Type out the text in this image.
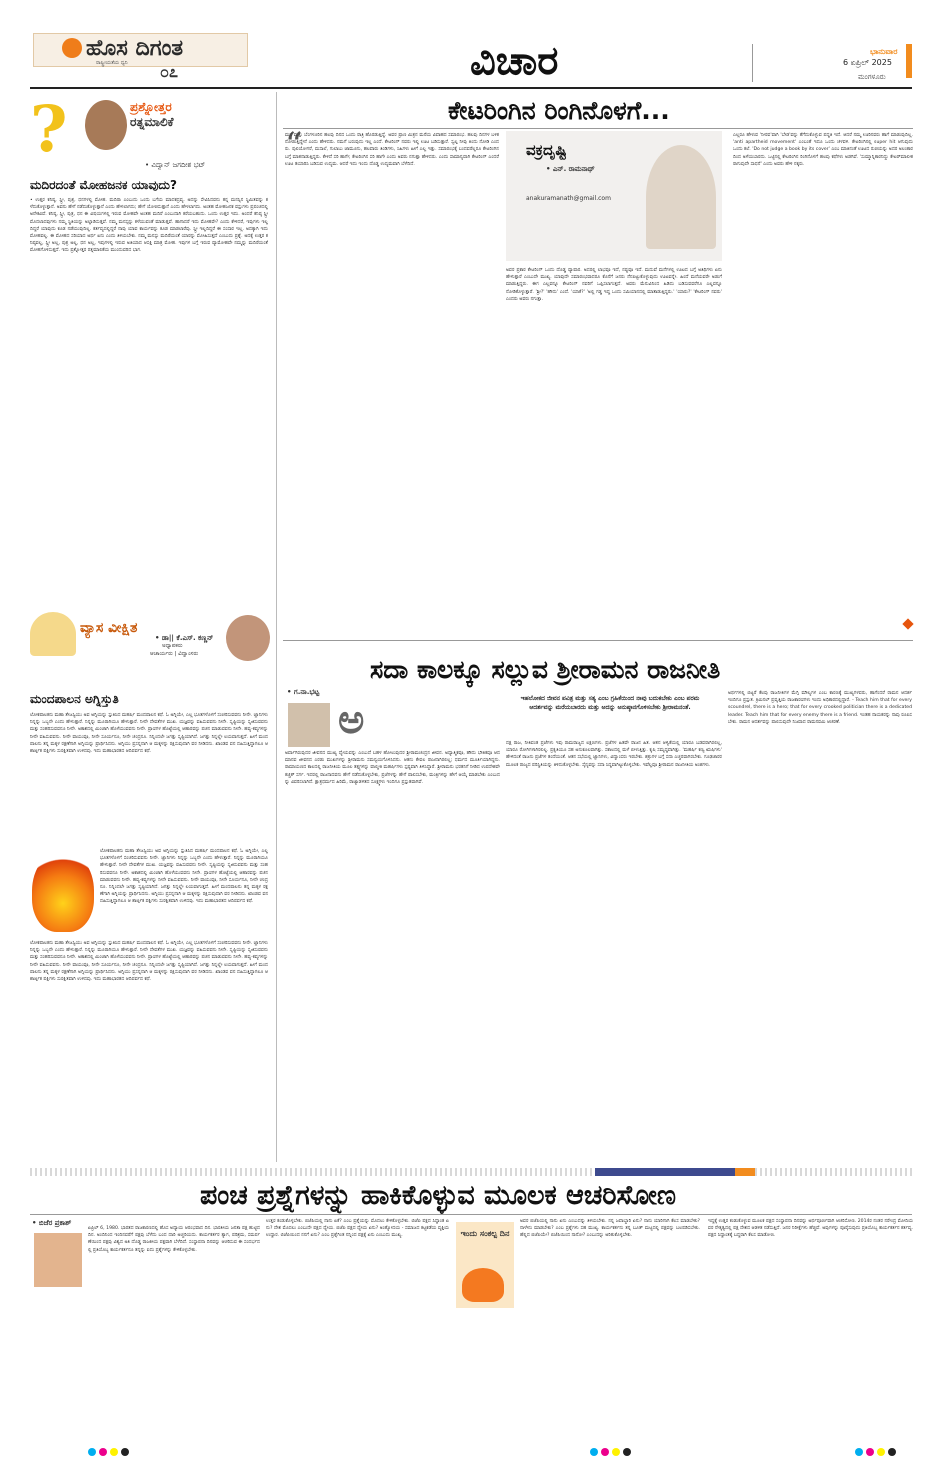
ಹೊಸ ದಿಗಂತ
ರಾಷ್ಟ್ರೀಯತೆಯ ಧ್ವನಿ ೦೭	ವಿಚಾರ	ಭಾನುವಾರ
6 ಏಪ್ರಿಲ್ 2025
ಮಂಗಳೂರು
?	ಪ್ರಶ್ನೋತ್ತರ
ರತ್ನಮಾಲಿಕೆ
• ವಿದ್ವಾನ್ ಜಗದೀಶ ಭಟ್
ಮದಿರದಂತೆ ಮೋಹಜನಕ ಯಾವುದು?
• ಉತ್ತರ ಕನಿಷ್ಠ, ಸ್ತ್ರೀ, ಪುತ್ರ, ಧನಗಳಲ್ಲಿ ಮೋಹ. ಮದಿರಾ ಎಂಬುದು ಒಂದು ಬಗೆಯ ಮಾದಕದ್ರವ್ಯ. ಅದನ್ನು ಸೇವಿಸಿದವನು ತನ್ನ ಮನಸ್ಸಿನ ಸ್ಥಿಮಿತವನ್ನು ಕಳೆದುಕೊಳ್ಳುತ್ತಾನೆ. ಅವನು ಹೇಗೆ ನಡೆದುಕೊಳ್ಳುತ್ತಾನೆ ಎಂದು ಹೇಳಲಾಗದು; ಹೇಗೆ ಯೋಚಿಸುತ್ತಾನೆ ಎಂದು ಹೇಳಲಾಗದು. ಅಂತಹ ಮೋಹಜನಕ ವಸ್ತುಗಳು ಪ್ರಪಂಚದಲ್ಲಿ ಅನೇಕವಿವೆ. ಕನಿಷ್ಠ, ಸ್ತ್ರೀ, ಪುತ್ರ, ಧನ ಈ ವಿಷಯಗಳಲ್ಲಿ ಇರುವ ಮೋಹವೇ ಅಂತಹ ಮದಿರೆ ಎಂಬುದಾಗಿ ಕರೆಯಬಹುದು. ಒಂದು ಉತ್ತರ ಇದು. ಅಂದರೆ ಕನಿಷ್ಠ ಸ್ತ್ರೀ ಮೊದಲಾದವುಗಳು ನಮ್ಮ ಸ್ಥಿತಿಯನ್ನು ಅಲ್ಲಾಡಿಸುತ್ತವೆ. ನಮ್ಮ ಮನಸ್ಸನ್ನು ಕಳೆಯುವಂತೆ ಮಾಡುತ್ತವೆ. ಹಾಗಾದರೆ ಇದು ಮೋಹವೇ? ಎಂದು ಕೇಳಿದರೆ, ಇವುಗಳು ಇಲ್ಲದಿದ್ದರೆ ಯಾವುದು ಕೂಡ ನಡೆಯುವುದಿಲ್ಲ. ಕರ್ತವ್ಯದಲ್ಲಿದ್ದರೆ ನಾವು ಯಾವ ಕಾರ್ಯವನ್ನು ಕೂಡ ಮಾಡಲಾರೆವು. ಸ್ತ್ರೀ ಇಲ್ಲದಿದ್ದರೆ ಈ ಸಂಸಾರ ಇಲ್ಲ. ಅದಕ್ಕಾಗಿ ಇದು ಮೋಹವಲ್ಲ. ಈ ಮೋಹದ ಸರಿಯಾದ ಅರ್ಥ ಏನು ಎಂದು ತಿಳಿಯಬೇಕು. ನಮ್ಮ ಮನಸ್ಸು ಮದಿರೆಯಂತೆ ಯಾರನ್ನು ಮೋಹಿಸುತ್ತದೆ ಎಂಬುದು ಪ್ರಶ್ನೆ. ಅದಕ್ಕೆ ಉತ್ತರ ಕನಿಷ್ಠವಲ್ಲ, ಸ್ತ್ರೀ ಅಲ್ಲ, ಪುತ್ರ ಅಲ್ಲ, ಧನ ಅಲ್ಲ, ಇವುಗಳಲ್ಲಿ ಇರುವ ಅತಿಯಾದ ಆಸಕ್ತಿ ಮಾತ್ರ ಮೋಹ. ಇವುಗಳ ಬಗ್ಗೆ ಇರುವ ವ್ಯಾಮೋಹವೇ ನಮ್ಮನ್ನು ಮದಿರೆಯಂತೆ ಮೋಹಗೊಳಿಸುತ್ತದೆ. ಇದು ಪ್ರಶ್ನೋತ್ತರ ರತ್ನಮಾಲಿಕೆಯ ಮುಂದುವರಿದ ಭಾಗ.
ವ್ಯಾಸ ವೀಕ್ಷಿತ
• ಡಾ|| ಕೆ.ಎಸ್. ಕಣ್ಣನ್
ಅಧ್ಯಾಪಕರು
ಆಚಾರ್ಯರು | ವಿದ್ವಾಂಸರು
ಮಂದಪಾಲನ ಅಗ್ನಿಸ್ತುತಿ
ಲೋಕಪಾಲಕನು ಮಹಾ ತೇಜಸ್ವಿಯು ಅವ ಅಗ್ನಿಯನ್ನು ಸ್ತುತಿಸಿದ ಮಹರ್ಷಿ ಮಂದಪಾಲನ ಕಥೆ. ಓ ಅಗ್ನಿಯೇ, ಎಲ್ಲ ಭೂತಗಳೊಳಗೆ ಸಂಚರಿಸುವವನು ನೀನೇ. ಜ್ಞಾನಿಗಳು ನಿನ್ನನ್ನು ಒಬ್ಬನೇ ಎಂದು ಹೇಳುತ್ತಾರೆ. ನಿನ್ನನ್ನು ಮೂರಾಗಿಯೂ ಹೇಳುತ್ತಾರೆ. ನೀನೇ ದೇವತೆಗಳ ಮುಖ. ಯಜ್ಞವನ್ನು ವಹಿಸುವವನು ನೀನೇ. ಸೃಷ್ಟಿಯನ್ನು ಸೃಜಿಸುವವನು ಮತ್ತು ಸಂಹರಿಸುವವನೂ ನೀನೇ. ಅಕಾಶದಲ್ಲಿ ಮಿಂಚಾಗಿ ಹೊಳೆಯುವವನು ನೀನೇ. ಪ್ರಾಣಿಗಳ ಹೊಟ್ಟೆಯಲ್ಲಿ ಆಹಾರವನ್ನು ಪಚನ ಮಾಡುವವನು ನೀನೇ. ಹವ್ಯ-ಕವ್ಯಗಳನ್ನು ನೀನೇ ವಹಿಸುವವನು. ನೀನೇ ವಾಯುವೂ, ನೀನೇ ಸೂರ್ಯನೂ, ನೀನೇ ಚಂದ್ರನೂ. ನಿನ್ನಿಂದಲೇ ಜಗತ್ತು ಸೃಷ್ಟಿಯಾಗಿದೆ. ಜಗತ್ತು ನಿನ್ನಲ್ಲೇ ಲಯವಾಗುತ್ತದೆ. ಹೀಗೆ ಮಂದಪಾಲನು ತನ್ನ ಮಕ್ಕಳ ರಕ್ಷಣೆಗಾಗಿ ಅಗ್ನಿಯನ್ನು ಪ್ರಾರ್ಥಿಸಿದನು. ಅಗ್ನಿಯು ಪ್ರಸನ್ನನಾಗಿ ಆ ಮಕ್ಕಳನ್ನು ರಕ್ಷಿಸುವುದಾಗಿ ವರ ನೀಡಿದನು. ಖಾಂಡವ ವನ ದಹಿಸುತ್ತಿದ್ದಾಗಲೂ ಆ ಶಾರ್ಙ್ಗಕ ಪಕ್ಷಿಗಳು ಸುರಕ್ಷಿತವಾಗಿ ಉಳಿದವು. ಇದು ಮಹಾಭಾರತದ ಆದಿಪರ್ವದ ಕಥೆ.
ಲೋಕಪಾಲಕನು ಮಹಾ ತೇಜಸ್ವಿಯು ಅವ ಅಗ್ನಿಯನ್ನು ಸ್ತುತಿಸಿದ ಮಹರ್ಷಿ ಮಂದಪಾಲನ ಕಥೆ. ಓ ಅಗ್ನಿಯೇ, ಎಲ್ಲ ಭೂತಗಳೊಳಗೆ ಸಂಚರಿಸುವವನು ನೀನೇ. ಜ್ಞಾನಿಗಳು ನಿನ್ನನ್ನು ಒಬ್ಬನೇ ಎಂದು ಹೇಳುತ್ತಾರೆ. ನಿನ್ನನ್ನು ಮೂರಾಗಿಯೂ ಹೇಳುತ್ತಾರೆ. ನೀನೇ ದೇವತೆಗಳ ಮುಖ. ಯಜ್ಞವನ್ನು ವಹಿಸುವವನು ನೀನೇ. ಸೃಷ್ಟಿಯನ್ನು ಸೃಜಿಸುವವನು ಮತ್ತು ಸಂಹರಿಸುವವನೂ ನೀನೇ. ಅಕಾಶದಲ್ಲಿ ಮಿಂಚಾಗಿ ಹೊಳೆಯುವವನು ನೀನೇ. ಪ್ರಾಣಿಗಳ ಹೊಟ್ಟೆಯಲ್ಲಿ ಆಹಾರವನ್ನು ಪಚನ ಮಾಡುವವನು ನೀನೇ. ಹವ್ಯ-ಕವ್ಯಗಳನ್ನು ನೀನೇ ವಹಿಸುವವನು. ನೀನೇ ವಾಯುವೂ, ನೀನೇ ಸೂರ್ಯನೂ, ನೀನೇ ಚಂದ್ರನೂ. ನಿನ್ನಿಂದಲೇ ಜಗತ್ತು ಸೃಷ್ಟಿಯಾಗಿದೆ. ಜಗತ್ತು ನಿನ್ನಲ್ಲೇ ಲಯವಾಗುತ್ತದೆ. ಹೀಗೆ ಮಂದಪಾಲನು ತನ್ನ ಮಕ್ಕಳ ರಕ್ಷಣೆಗಾಗಿ ಅಗ್ನಿಯನ್ನು ಪ್ರಾರ್ಥಿಸಿದನು. ಅಗ್ನಿಯು ಪ್ರಸನ್ನನಾಗಿ ಆ ಮಕ್ಕಳನ್ನು ರಕ್ಷಿಸುವುದಾಗಿ ವರ ನೀಡಿದನು. ಖಾಂಡವ ವನ ದಹಿಸುತ್ತಿದ್ದಾಗಲೂ ಆ ಶಾರ್ಙ್ಗಕ ಪಕ್ಷಿಗಳು ಸುರಕ್ಷಿತವಾಗಿ ಉಳಿದವು. ಇದು ಮಹಾಭಾರತದ ಆದಿಪರ್ವದ ಕಥೆ.
ಲೋಕಪಾಲಕನು ಮಹಾ ತೇಜಸ್ವಿಯು ಅವ ಅಗ್ನಿಯನ್ನು ಸ್ತುತಿಸಿದ ಮಹರ್ಷಿ ಮಂದಪಾಲನ ಕಥೆ. ಓ ಅಗ್ನಿಯೇ, ಎಲ್ಲ ಭೂತಗಳೊಳಗೆ ಸಂಚರಿಸುವವನು ನೀನೇ. ಜ್ಞಾನಿಗಳು ನಿನ್ನನ್ನು ಒಬ್ಬನೇ ಎಂದು ಹೇಳುತ್ತಾರೆ. ನಿನ್ನನ್ನು ಮೂರಾಗಿಯೂ ಹೇಳುತ್ತಾರೆ. ನೀನೇ ದೇವತೆಗಳ ಮುಖ. ಯಜ್ಞವನ್ನು ವಹಿಸುವವನು ನೀನೇ. ಸೃಷ್ಟಿಯನ್ನು ಸೃಜಿಸುವವನು ಮತ್ತು ಸಂಹರಿಸುವವನೂ ನೀನೇ. ಅಕಾಶದಲ್ಲಿ ಮಿಂಚಾಗಿ ಹೊಳೆಯುವವನು ನೀನೇ. ಪ್ರಾಣಿಗಳ ಹೊಟ್ಟೆಯಲ್ಲಿ ಆಹಾರವನ್ನು ಪಚನ ಮಾಡುವವನು ನೀನೇ. ಹವ್ಯ-ಕವ್ಯಗಳನ್ನು ನೀನೇ ವಹಿಸುವವನು. ನೀನೇ ವಾಯುವೂ, ನೀನೇ ಸೂರ್ಯನೂ, ನೀನೇ ಚಂದ್ರನೂ. ನಿನ್ನಿಂದಲೇ ಜಗತ್ತು ಸೃಷ್ಟಿಯಾಗಿದೆ. ಜಗತ್ತು ನಿನ್ನಲ್ಲೇ ಲಯವಾಗುತ್ತದೆ. ಹೀಗೆ ಮಂದಪಾಲನು ತನ್ನ ಮಕ್ಕಳ ರಕ್ಷಣೆಗಾಗಿ ಅಗ್ನಿಯನ್ನು ಪ್ರಾರ್ಥಿಸಿದನು. ಅಗ್ನಿಯು ಪ್ರಸನ್ನನಾಗಿ ಆ ಮಕ್ಕಳನ್ನು ರಕ್ಷಿಸುವುದಾಗಿ ವರ ನೀಡಿದನು. ಖಾಂಡವ ವನ ದಹಿಸುತ್ತಿದ್ದಾಗಲೂ ಆ ಶಾರ್ಙ್ಗಕ ಪಕ್ಷಿಗಳು ಸುರಕ್ಷಿತವಾಗಿ ಉಳಿದವು. ಇದು ಮಹಾಭಾರತದ ಆದಿಪರ್ವದ ಕಥೆ.
ಕೇಟರಿಂಗಿನ ರಿಂಗಿನೊಳಗೆ...
“
ಮನೆ ಮತ್ತು ಬೆಂಗಳೂರಿನ ಹಲವು ದಿನದ ಒಂದು ರಾತ್ರಿ ಹೊರಡುತ್ತಿದ್ದೆ. ಅವರ ಪ್ರಾಣ ಮಿತ್ರನ ಮನೆಯ ವಿವಾಹದ ಸಮಾರಂಭ. ಹಲವು ದಿನಗಳ ಬಳಿಕ ನೋಡುತ್ತಿದ್ದೇನೆ ಎಂದು ಹೇಳಿದರು. ನಮಗೆ ಬರುವುದು ಇಲ್ಲ ಎಂದೆ. ಕೇಟರಿಂಗ್ ನವರು ಇಲ್ಲಿ ಊಟ ಬಡಿಸುತ್ತಾರೆ. ಸ್ವಲ್ಪ ನೀವು ತಿಂದು ನೋಡಿ ಎಂದರು. ಪುಲಿಯೋಗರೆ, ಮಸಾಲೆ, ಗುಲಾಬು ಜಾಮೂನು, ಹಲವಾರು ತಿಂಡಿಗಳು, ಸಿಹಿಗಳು ಹೀಗೆ ಎಲ್ಲ ಇತ್ತು. ಸಮಾರಂಭಕ್ಕೆ ಬಂದವರೆಲ್ಲರೂ ಕೇಟರಿಂಗಿನ ಬಗ್ಗೆ ಮಾತನಾಡುತ್ತಿದ್ದರು. ಕೇಳಿದೆ ಸರಿ ಹಾಗೇ; ಕೇಟರಿಂಗಿನ ಸರಿ ಹಾಗೇ ಎಂದು ಅವರು ನಗುತ್ತಾ ಹೇಳಿದರು. ಎಂದು ಸಾಮಾನ್ಯವಾಗಿ ಕೇಟರಿಂಗ್ ಎಂದರೆ ಊಟ ತಯಾರಿಸಿ ಬಡಿಸುವ ಉದ್ಯಮ. ಆದರೆ ಇದು ಇಂದು ದೊಡ್ಡ ಉದ್ಯಮವಾಗಿ ಬೆಳೆದಿದೆ.
ವಕ್ರದೃಷ್ಟಿ
• ಎನ್. ರಾಮನಾಥ್
anakuramanath@gmail.com
ಅವರ ಪ್ರಕಾರ ಕೇಟರಿಂಗ್ ಒಂದು ದೊಡ್ಡ ವ್ಯಾಪಾರ. ಅದರಲ್ಲಿ ಲಾಭವೂ ಇದೆ, ನಷ್ಟವೂ ಇದೆ. ಮದುವೆ ಮನೆಗಳಲ್ಲಿ ಊಟದ ಬಗ್ಗೆ ಅತಿಥಿಗಳು ಏನು ಹೇಳುತ್ತಾರೆ ಎಂಬುದೇ ಮುಖ್ಯ. ಯಾವುದೇ ಸಮಾರಂಭವಾದರೂ ಕೊನೆಗೆ ಜನರು ನೆನಪಿಟ್ಟುಕೊಳ್ಳುವುದು ಊಟವನ್ನೇ. ಹಿಂದೆ ಮನೆಯವರೇ ಅಡುಗೆ ಮಾಡುತ್ತಿದ್ದರು. ಈಗ ಎಲ್ಲವನ್ನೂ ಕೇಟರಿಂಗ್ ನವರಿಗೆ ಒಪ್ಪಿಸಲಾಗುತ್ತದೆ. ಅವರು ಮೆನುವಿನಿಂದ ಹಿಡಿದು ಬಡಿಸುವವರೆಗೂ ಎಲ್ಲವನ್ನೂ ನೋಡಿಕೊಳ್ಳುತ್ತಾರೆ. 'ಶ್ರೀ?' 'ಹೌದು' ಎಂದೆ. 'ಯಾಕೆ?' 'ಅಲ್ಲಿ ಗಡ್ಡ ಇದ್ದ ಒಂದು ಸಮಿಯಾನದಲ್ಲಿ ಮಾತಾಡುತ್ತಿದ್ದರು.' 'ಯಾರು?' 'ಕೇಟರಿಂಗ್ ನವರು' ಎಂದರು ಅವರು ನಗುತ್ತಾ.
ಎಲ್ಲರೂ ಹೇಳುವ 'ನೀರವ'ವಾಗಿ 'ಬೇಡ'ವನ್ನು ತೆಗೆದುಕೊಳ್ಳುವ ಪದ್ಧತಿ ಇದೆ. ಆದರೆ ನಮ್ಮ ಊರಿನವರು ಹಾಗೆ ಮಾಡುವುದಿಲ್ಲ. 'anti apartheid movement' ಎಂಬಂತೆ ಇದೂ ಒಂದು ಚಳವಳಿ. ಕೇಟರಿಂಗಿನಲ್ಲಿ super hit ಆಗುವುದು ಒಂದು ಕಲೆ. 'Do not judge a book by its cover' ಎಂಬ ಮಾತಿನಂತೆ ಊಟದ ರುಚಿಯನ್ನು ಅದರ ಅಲಂಕಾರದಿಂದ ಅಳೆಯಬಾರದು. ಒಟ್ಟಿನಲ್ಲಿ ಕೇಟರಿಂಗಿನ ರಿಂಗಿನೊಳಗೆ ಹಲವು ಕಥೆಗಳು ಅಡಗಿವೆ. 'ಸುಮ್ಮಾನ್ನಿಕಾರನಿದ್ದು ಕೇಟರ್‌ಮಾಲೀಕರಾಗುವುದೇ ಸಾಧನೆ' ಎಂದು ಅವರು ಹೇಳಿ ನಕ್ಕರು.
ಸದಾ ಕಾಲಕ್ಕೂ ಸಲ್ಲುವ ಶ್ರೀರಾಮನ ರಾಜನೀತಿ
• ಗ.ನಾ.ಭಟ್ಟ
ಅ	ಇಹಲೋಕದ ಜೀವನ ಪವಿತ್ರ ಮತ್ತು ಸತ್ಯ ಎಂಬ ಗ್ರಹಿಕೆಯಿಂದ ನಾವು ಬದುಕಬೇಕು ಎಂಬ ಪರಮ ಆದರ್ಶವನ್ನು ಮರೆಯಬಾರದು ಮತ್ತು ಅದನ್ನು ಅನುಷ್ಠಾನಗೊಳಿಸಬೇಕು ಶ್ರೀರಾಮನಂತೆ.
ಅರ್ವಾಗಿರುವುದರ ಜೀವನದ ಮುಖ್ಯ ಧ್ಯೇಯವನ್ನು ಎಂಬುದೆ ಬಹಳ ಹೋಲುವುದರ ಶ್ರೀರಾಮಚಂದ್ರನ ಜೀವನ. ಅಧ್ಯಾತ್ಮಿಕವೂ, ಹೌದು ಭೌತಿಕವೂ ಆದ ಮಾನವ ಜೀವನದ ಎರಡು ಮುಖಗಳನ್ನು ಶ್ರೀರಾಮನು ಸಮನ್ವಯಗೊಳಿಸಿದನು. ಆತನು ಕೇವಲ ರಾಜನಾಗಿರಲಿಲ್ಲ; ಧರ್ಮದ ಮೂರ್ತಿಯಾಗಿದ್ದನು. ರಾಮಾಯಣದ ಕಾಲದಲ್ಲಿ ರಾಜನೀತಿಯ ಮೂಲ ತತ್ತ್ವಗಳನ್ನು ವಾಲ್ಮೀಕಿ ಮಹರ್ಷಿಗಳು ಸ್ಪಷ್ಟವಾಗಿ ತಿಳಿಸಿದ್ದಾರೆ. ಶ್ರೀರಾಮನು ಭರತನಿಗೆ ನೀಡಿದ ಉಪದೇಶವೇ ಕಚ್ಚಿತ್ ಸರ್ಗ. ಇದರಲ್ಲಿ ರಾಜನಾದವನು ಹೇಗೆ ನಡೆದುಕೊಳ್ಳಬೇಕು, ಪ್ರಜೆಗಳನ್ನು ಹೇಗೆ ಪಾಲಿಸಬೇಕು, ಮಂತ್ರಿಗಳನ್ನು ಹೇಗೆ ಆಯ್ಕೆ ಮಾಡಬೇಕು ಎಂಬುದನ್ನು ವಿವರಿಸಲಾಗಿದೆ. ಕ್ಷಾತ್ರಧರ್ಮದ ಹಿರಿಮೆ, ರಾಜ್ಯಾಡಳಿತದ ಸೂಕ್ಷ್ಮಗಳು ಇಂದಿಗೂ ಪ್ರಸ್ತುತವಾಗಿವೆ.
ದಕ್ಷ ರಾಜ, ನೀತಿವಂತ ಪ್ರಜೆಗಳು ಇವು ರಾಮರಾಜ್ಯದ ಲಕ್ಷಣಗಳು. ಪ್ರಜೆಗಳ ಹಿತವೇ ರಾಜನ ಹಿತ. ಆತನ ಆಳ್ವಿಕೆಯಲ್ಲಿ ಯಾರೂ ಬಡವರಾಗಿರಲಿಲ್ಲ, ಯಾರೂ ರೋಗಿಗಳಾಗಿರಲಿಲ್ಲ. ಪ್ರಕೃತಿಯೂ ಸಹ ಅನುಕೂಲವಾಗಿತ್ತು. ಸಕಾಲದಲ್ಲಿ ಮಳೆ ಬೀಳುತ್ತಿತ್ತು. ಕೃಷಿ ಸಮೃದ್ಧವಾಗಿತ್ತು. 'ಮಹರ್ಷಿ ಕಣ್ವ ಋಷಿಗಳು' ಹೇಳಿದಂತೆ ರಾಜನು ಪ್ರಜೆಗಳ ತಂದೆಯಂತೆ. ಆತನ ಸಭೆಯಲ್ಲಿ ಜ್ಞಾನಿಗಳು, ವಿದ್ವಾಂಸರು ಇರಬೇಕು. ಶತ್ರುಗಳ ಬಗ್ಗೆ ಸದಾ ಎಚ್ಚರವಾಗಿರಬೇಕು. ಗೂಢಚಾರರ ಮೂಲಕ ರಾಜ್ಯದ ಪರಿಸ್ಥಿತಿಯನ್ನು ತಿಳಿದುಕೊಳ್ಳಬೇಕು. ಸೈನ್ಯವನ್ನು ಸದಾ ಸಿದ್ಧವಾಗಿಟ್ಟುಕೊಳ್ಳಬೇಕು. ಇವೆಲ್ಲವೂ ಶ್ರೀರಾಮನ ರಾಜನೀತಿಯ ಅಂಶಗಳು.
ಅರ್ಥಗಳಲ್ಲಿ ಬಿಟ್ಟರೆ ಕೆಲವು ರಾಜನೀತಿಗಳ ಮೆಗ್ಗಿ ಮೌಲ್ಯಗಳ ಎಂಬ ಕಾರಣಕ್ಕೆ ಮುಖ್ಯಗಳವರು, ಹಾಗೆಂದರೆ ರಾಮನ ಆದರ್ಶ ಇಂದಿಗೂ ಪ್ರಸ್ತುತ. ಕ್ರಿಮಿನಲ್ ಪ್ರವೃತ್ತಿಯ ರಾಜಕಾರಣಿಗಳು ಇಂದು ಅಧಿಕಾರದಲ್ಲಿದ್ದಾರೆ. - Teach him that for every scoundrel, there is a hero; that for every crooked politician there is a dedicated leader. Teach him that for every enemy there is a friend. ಇಂತಹ ನಾಯಕರನ್ನು ನಾವು ರೂಪಿಸಬೇಕು. ರಾಮನ ಆದರ್ಶವನ್ನು ಪಾಲಿಸುವುದೇ ನಿಜವಾದ ರಾಮನವಮಿ ಆಚರಣೆ.
ಪಂಚ ಪ್ರಶ್ನೆಗಳನ್ನು ಹಾಕಿಕೊಳ್ಳುವ ಮೂಲಕ ಆಚರಿಸೋಣ
• ಬಿಜೆರ ಪ್ರಕಾಶ್
ಏಪ್ರಿಲ್ 6, 1980. ಭಾರತದ ರಾಜಕಾರಣದಲ್ಲಿ ಹೊಸ ಅಧ್ಯಾಯ ಆರಂಭವಾದ ದಿನ. ಭಾರತೀಯ ಜನತಾ ಪಕ್ಷ ಹುಟ್ಟಿದ ದಿನ. ಅಂದಿನಿಂದ ಇಂದಿನವರೆಗೆ ಪಕ್ಷವು ಬೆಳೆದು ಬಂದ ದಾರಿ ಅಚ್ಚರಿಯದು. ಕಾರ್ಯಕರ್ತರ ತ್ಯಾಗ, ಪರಿಶ್ರಮ, ಸಮರ್ಪಣೆಯಿಂದ ಪಕ್ಷವು ವಿಶ್ವದ ಅತಿ ದೊಡ್ಡ ರಾಜಕೀಯ ಪಕ್ಷವಾಗಿ ಬೆಳೆದಿದೆ. ಸಂಸ್ಥಾಪನಾ ದಿನವನ್ನು ಆಚರಿಸುವ ಈ ಸಂದರ್ಭದಲ್ಲಿ ಪ್ರತಿಯೊಬ್ಬ ಕಾರ್ಯಕರ್ತನೂ ತನ್ನನ್ನು ಐದು ಪ್ರಶ್ನೆಗಳನ್ನು ಕೇಳಿಕೊಳ್ಳಬೇಕು.
ಉತ್ತರ ಕಂಡುಕೊಳ್ಳಬೇಕು. ಬಿಜೆಪಿಯಲ್ಲಿ ನಾನು ಏಕೆ? ಎಂಬ ಪ್ರಶ್ನೆಯನ್ನು ಮೊದಲು ಕೇಳಿಕೊಳ್ಳಬೇಕು. ಬಿಜೆಪಿ ಪಕ್ಷದ ಸಿದ್ಧಾಂತ ಏನು? ದೇಶ ಮೊದಲು ಎಂಬುದೇ ಪಕ್ಷದ ಧ್ಯೇಯ. ಬಿಜೆಪಿ ಪಕ್ಷದ ಧ್ಯೇಯ ಏನು? ಅಂತ್ಯೋದಯ - ಸಮಾಜದ ಕಟ್ಟಕಡೆಯ ವ್ಯಕ್ತಿಯ ಉದ್ಧಾರ. ಬಿಜೆಪಿಯಿಂದ ನನಗೆ ಏನು? ಎಂಬ ಪ್ರಶ್ನೆಗಿಂತ ನನ್ನಿಂದ ಪಕ್ಷಕ್ಕೆ ಏನು ಎಂಬುದು ಮುಖ್ಯ.	ಇಂದು ಸಂಕಲ್ಪ ದಿನ
ಅವರ ಬಿಜೆಪಿಯಲ್ಲಿ ನಾನು ಏನು ಎಂಬುದನ್ನು ತಿಳಿಯಬೇಕು. ನನ್ನ ಜವಾಬ್ದಾರಿ ಏನು? ನಾನು ಯಾರಿಗಾಗಿ ಕೆಲಸ ಮಾಡಬೇಕು? ನಾಳೇನು ಮಾಡಬೇಕು? ಎಂಬ ಪ್ರಶ್ನೆಗಳು ಸಹ ಮುಖ್ಯ. ಕಾರ್ಯಕರ್ತನು ತನ್ನ ಬೂತ್ ಮಟ್ಟದಲ್ಲಿ ಪಕ್ಷವನ್ನು ಬಲಪಡಿಸಬೇಕು. ಹೆಲ್ಲಿದ ಬಿಜೆಪಿಯೇ? ಬಿಜೆಪಿಯಿಂದ ನಾನೋ? ಎಂಬುದನ್ನು ಅರಿತುಕೊಳ್ಳಬೇಕು.
ಇದ್ದಕ್ಕೆ ಉತ್ತರ ಕಂಡುಕೊಳ್ಳುವ ಮೂಲಕ ಪಕ್ಷದ ಸಂಸ್ಥಾಪನಾ ದಿನವನ್ನು ಅರ್ಥಪೂರ್ಣವಾಗಿ ಆಚರಿಸೋಣ. 2014ರ ನಂತರ ನರೇಂದ್ರ ಮೋದಿಯವರ ನೇತೃತ್ವದಲ್ಲಿ ಪಕ್ಷ ದೇಶದ ಆಡಳಿತ ನಡೆಸುತ್ತಿದೆ. ಜನರ ನಿರೀಕ್ಷೆಗಳು ಹೆಚ್ಚಿವೆ. ಅವುಗಳನ್ನು ಪೂರೈಸುವುದು ಪ್ರತಿಯೊಬ್ಬ ಕಾರ್ಯಕರ್ತನ ಕರ್ತವ್ಯ. ಪಕ್ಷದ ಸಿದ್ಧಾಂತಕ್ಕೆ ಬದ್ಧರಾಗಿ ಕೆಲಸ ಮಾಡೋಣ.
